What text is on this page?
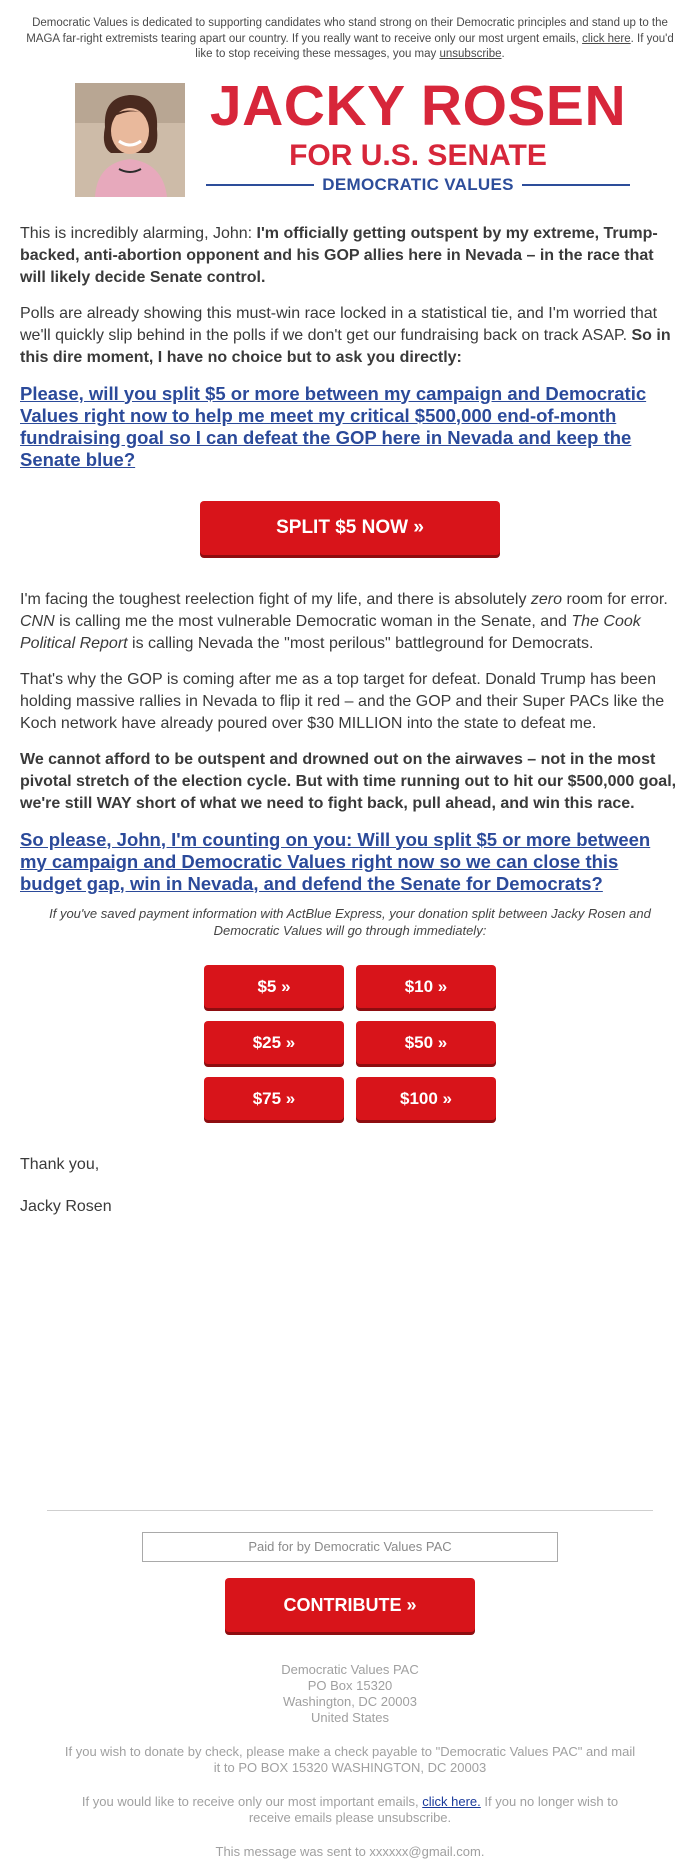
Democratic Values is dedicated to supporting candidates who stand strong on their Democratic principles and stand up to the MAGA far-right extremists tearing apart our country. If you really want to receive only our most urgent emails, click here. If you'd like to stop receiving these messages, you may unsubscribe.
JACKY ROSEN
FOR U.S. SENATE
DEMOCRATIC VALUES

This is incredibly alarming, John: I'm officially getting outspent by my extreme, Trump-backed, anti-abortion opponent and his GOP allies here in Nevada – in the race that will likely decide Senate control.

Polls are already showing this must-win race locked in a statistical tie, and I'm worried that we'll quickly slip behind in the polls if we don't get our fundraising back on track ASAP. So in this dire moment, I have no choice but to ask you directly:

Please, will you split $5 or more between my campaign and Democratic Values right now to help me meet my critical $500,000 end-of-month fundraising goal so I can defeat the GOP here in Nevada and keep the Senate blue?
SPLIT $5 NOW »

I'm facing the toughest reelection fight of my life, and there is absolutely zero room for error. CNN is calling me the most vulnerable Democratic woman in the Senate, and The Cook Political Report is calling Nevada the "most perilous" battleground for Democrats.

That's why the GOP is coming after me as a top target for defeat. Donald Trump has been holding massive rallies in Nevada to flip it red – and the GOP and their Super PACs like the Koch network have already poured over $30 MILLION into the state to defeat me.

We cannot afford to be outspent and drowned out on the airwaves – not in the most pivotal stretch of the election cycle. But with time running out to hit our $500,000 goal, we're still WAY short of what we need to fight back, pull ahead, and win this race.

So please, John, I'm counting on you: Will you split $5 or more between my campaign and Democratic Values right now so we can close this budget gap, win in Nevada, and defend the Senate for Democrats?
If you've saved payment information with ActBlue Express, your donation split between Jacky Rosen and Democratic Values will go through immediately:
$5 »	$10 »
$25 »	$50 »
$75 »	$100 »

Thank you,

Jacky Rosen

Paid for by Democratic Values PAC
CONTRIBUTE »
Democratic Values PAC
PO Box 15320
Washington, DC 20003
United States
If you wish to donate by check, please make a check payable to "Democratic Values PAC" and mail it to PO BOX 15320 WASHINGTON, DC 20003
If you would like to receive only our most important emails, click here. If you no longer wish to receive emails please unsubscribe.
This message was sent to xxxxxx@gmail.com.
